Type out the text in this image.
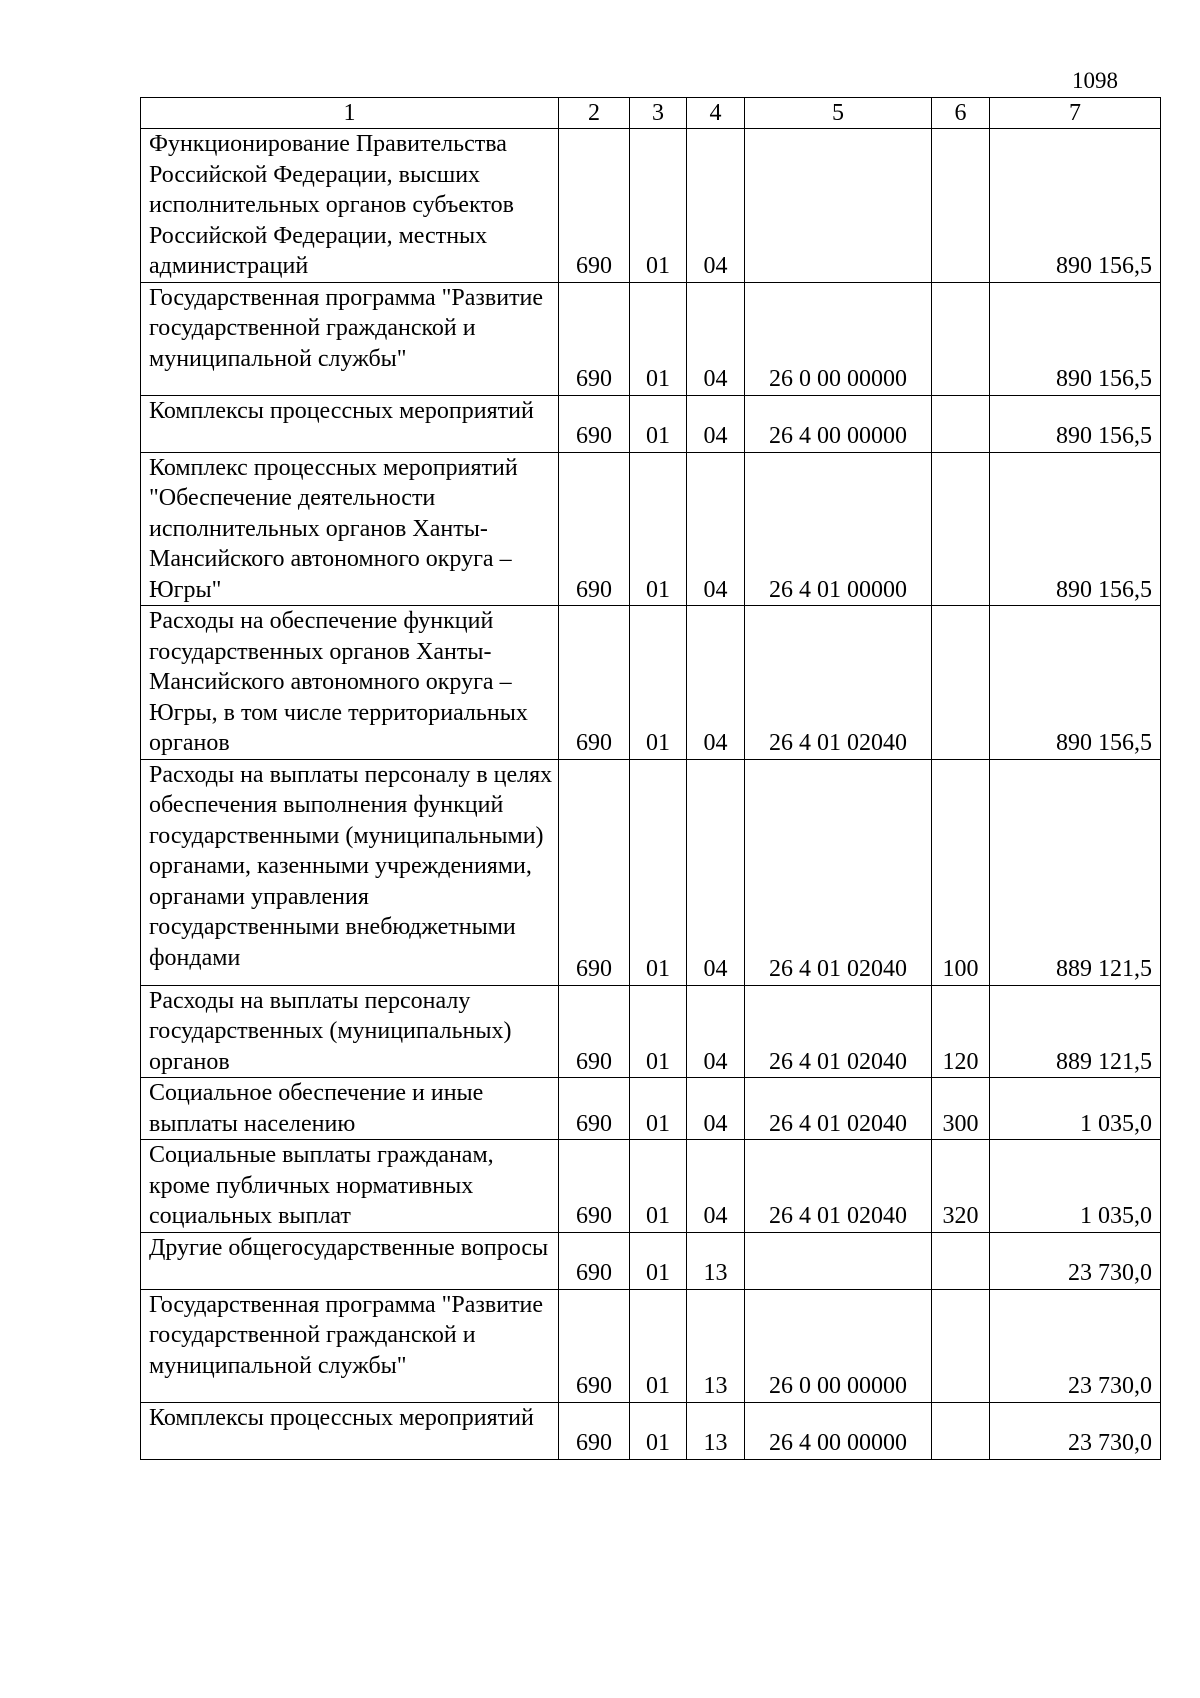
1098
1	2	3	4	5	6	7

Функционирование Правительства Российской Федерации, высших исполнительных органов субъектов Российской Федерации, местных администраций	690	01	04			890 156,5

Государственная программа "Развитие государственной гражданской и муниципальной службы"	690	01	04	26 0 00 00000		890 156,5

Комплексы процессных мероприятий	690	01	04	26 4 00 00000		890 156,5

Комплекс процессных мероприятий "Обеспечение деятельности исполнительных органов Ханты-Мансийского автономного округа – Югры"	690	01	04	26 4 01 00000		890 156,5

Расходы на обеспечение функций государственных органов Ханты-Мансийского автономного округа – Югры, в том числе территориальных органов	690	01	04	26 4 01 02040		890 156,5

Расходы на выплаты персоналу в целях обеспечения выполнения функций государственными (муниципальными) органами, казенными учреждениями, органами управления государственными внебюджетными фондами	690	01	04	26 4 01 02040	100	889 121,5

Расходы на выплаты персоналу государственных (муниципальных) органов	690	01	04	26 4 01 02040	120	889 121,5

Социальное обеспечение и иные выплаты населению	690	01	04	26 4 01 02040	300	1 035,0

Социальные выплаты гражданам, кроме публичных нормативных социальных выплат	690	01	04	26 4 01 02040	320	1 035,0

Другие общегосударственные вопросы	690	01	13			23 730,0

Государственная программа "Развитие государственной гражданской и муниципальной службы"	690	01	13	26 0 00 00000		23 730,0

Комплексы процессных мероприятий	690	01	13	26 4 00 00000		23 730,0
